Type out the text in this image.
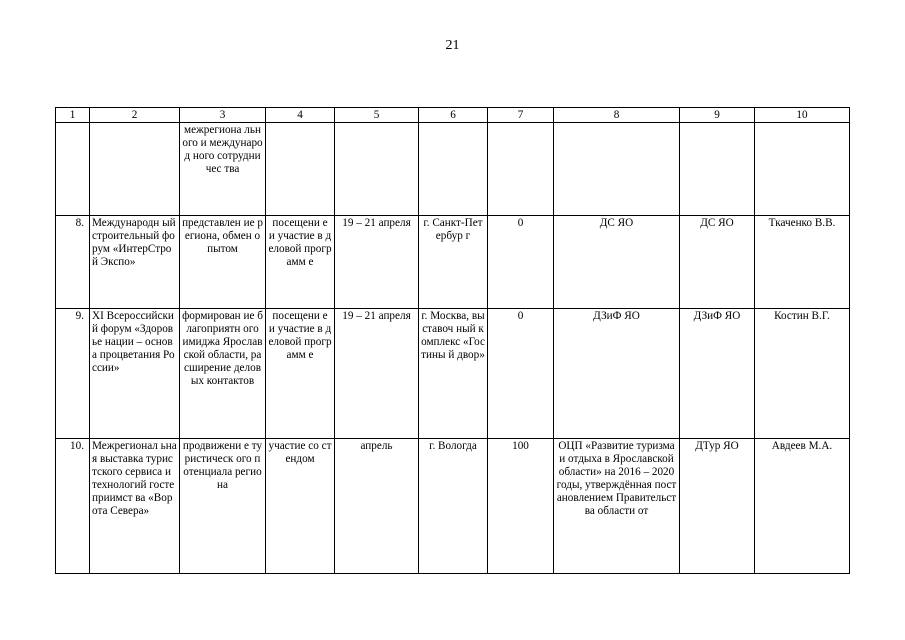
21
1	2	3	4	5	6	7	8	9	10
		межрегиона льного и международ ного сотрудничес тва							
8.	Международн ый строительный форум «ИнтерСтрой Экспо»	представлен ие региона, обмен опытом	посещени е и участие в деловой программ е	19 – 21 апреля	г. Санкт-Петербур г	0	ДС ЯО	ДС ЯО	Ткаченко В.В.
9.	XI Всероссийски й форум «Здоровье нации – основа процветания России»	формирован ие благоприятн ого имиджа Ярославской области, расширение деловых контактов	посещени е и участие в деловой программ е	19 – 21 апреля	г. Москва, выставоч ный комплекс «Гостины й двор»	0	ДЗиФ ЯО	ДЗиФ ЯО	Костин В.Г.
10.	Межрегионал ьная выставка туристского сервиса и технологий гостеприимст ва «Ворота Севера»	продвижени е туристическ ого потенциала региона	участие со стендом	апрель	г. Вологда	100	ОЦП «Развитие туризма и отдыха в Ярославской области» на 2016 – 2020 годы, утверждённая постановлением Правительства области от	ДТур ЯО	Авдеев М.А.
